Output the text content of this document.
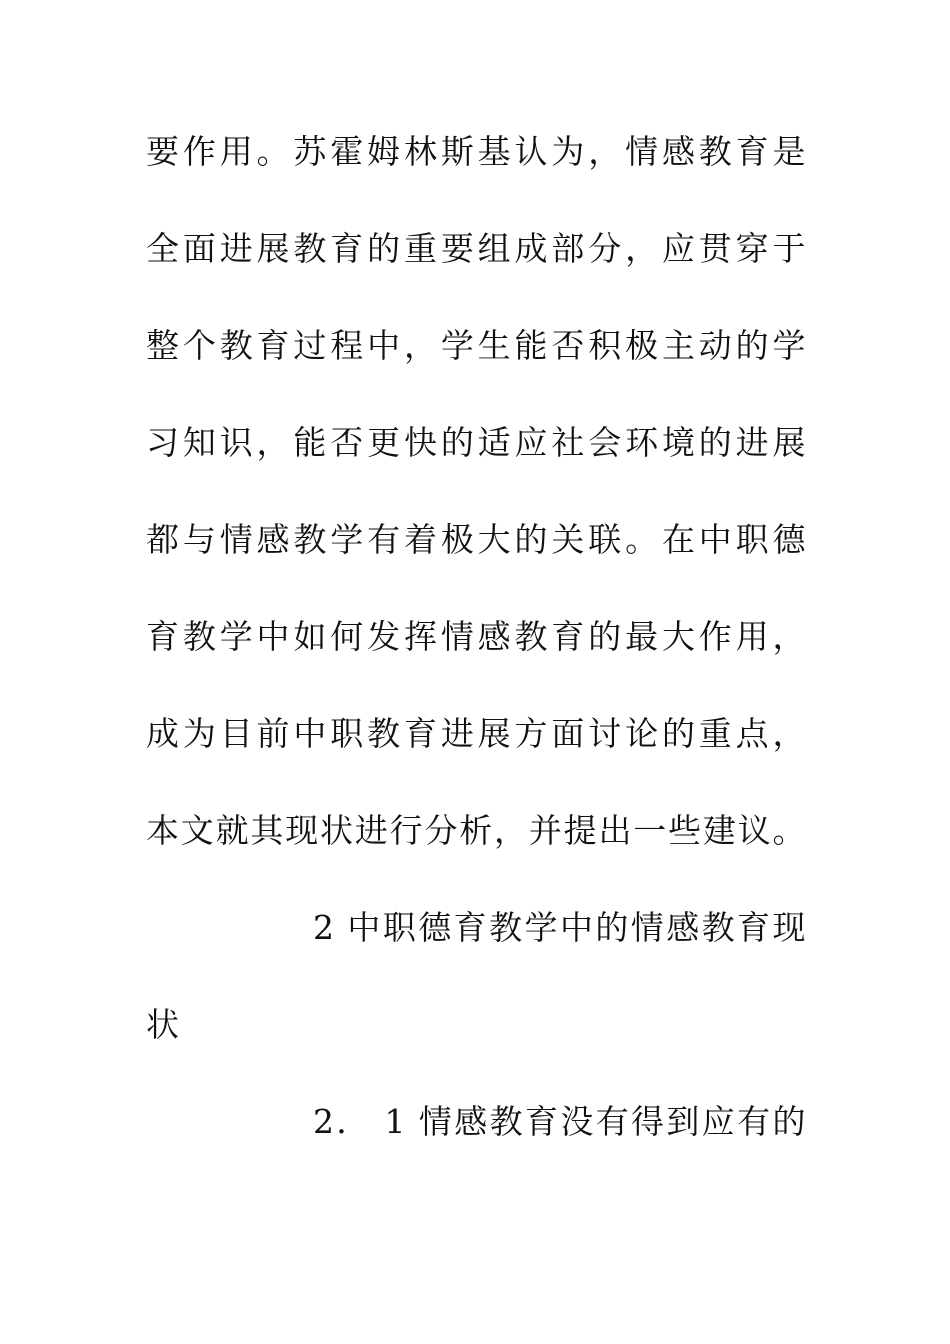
要作用。苏霍姆林斯基认为，情感教育是
全面进展教育的重要组成部分，应贯穿于
整个教育过程中，学生能否积极主动的学
习知识，能否更快的适应社会环境的进展
都与情感教学有着极大的关联。在中职德
育教学中如何发挥情感教育的最大作用，
成为目前中职教育进展方面讨论的重点，
本文就其现状进行分析，并提出一些建议。
2 中职德育教学中的情感教育现
状
2． 1 情感教育没有得到应有的
